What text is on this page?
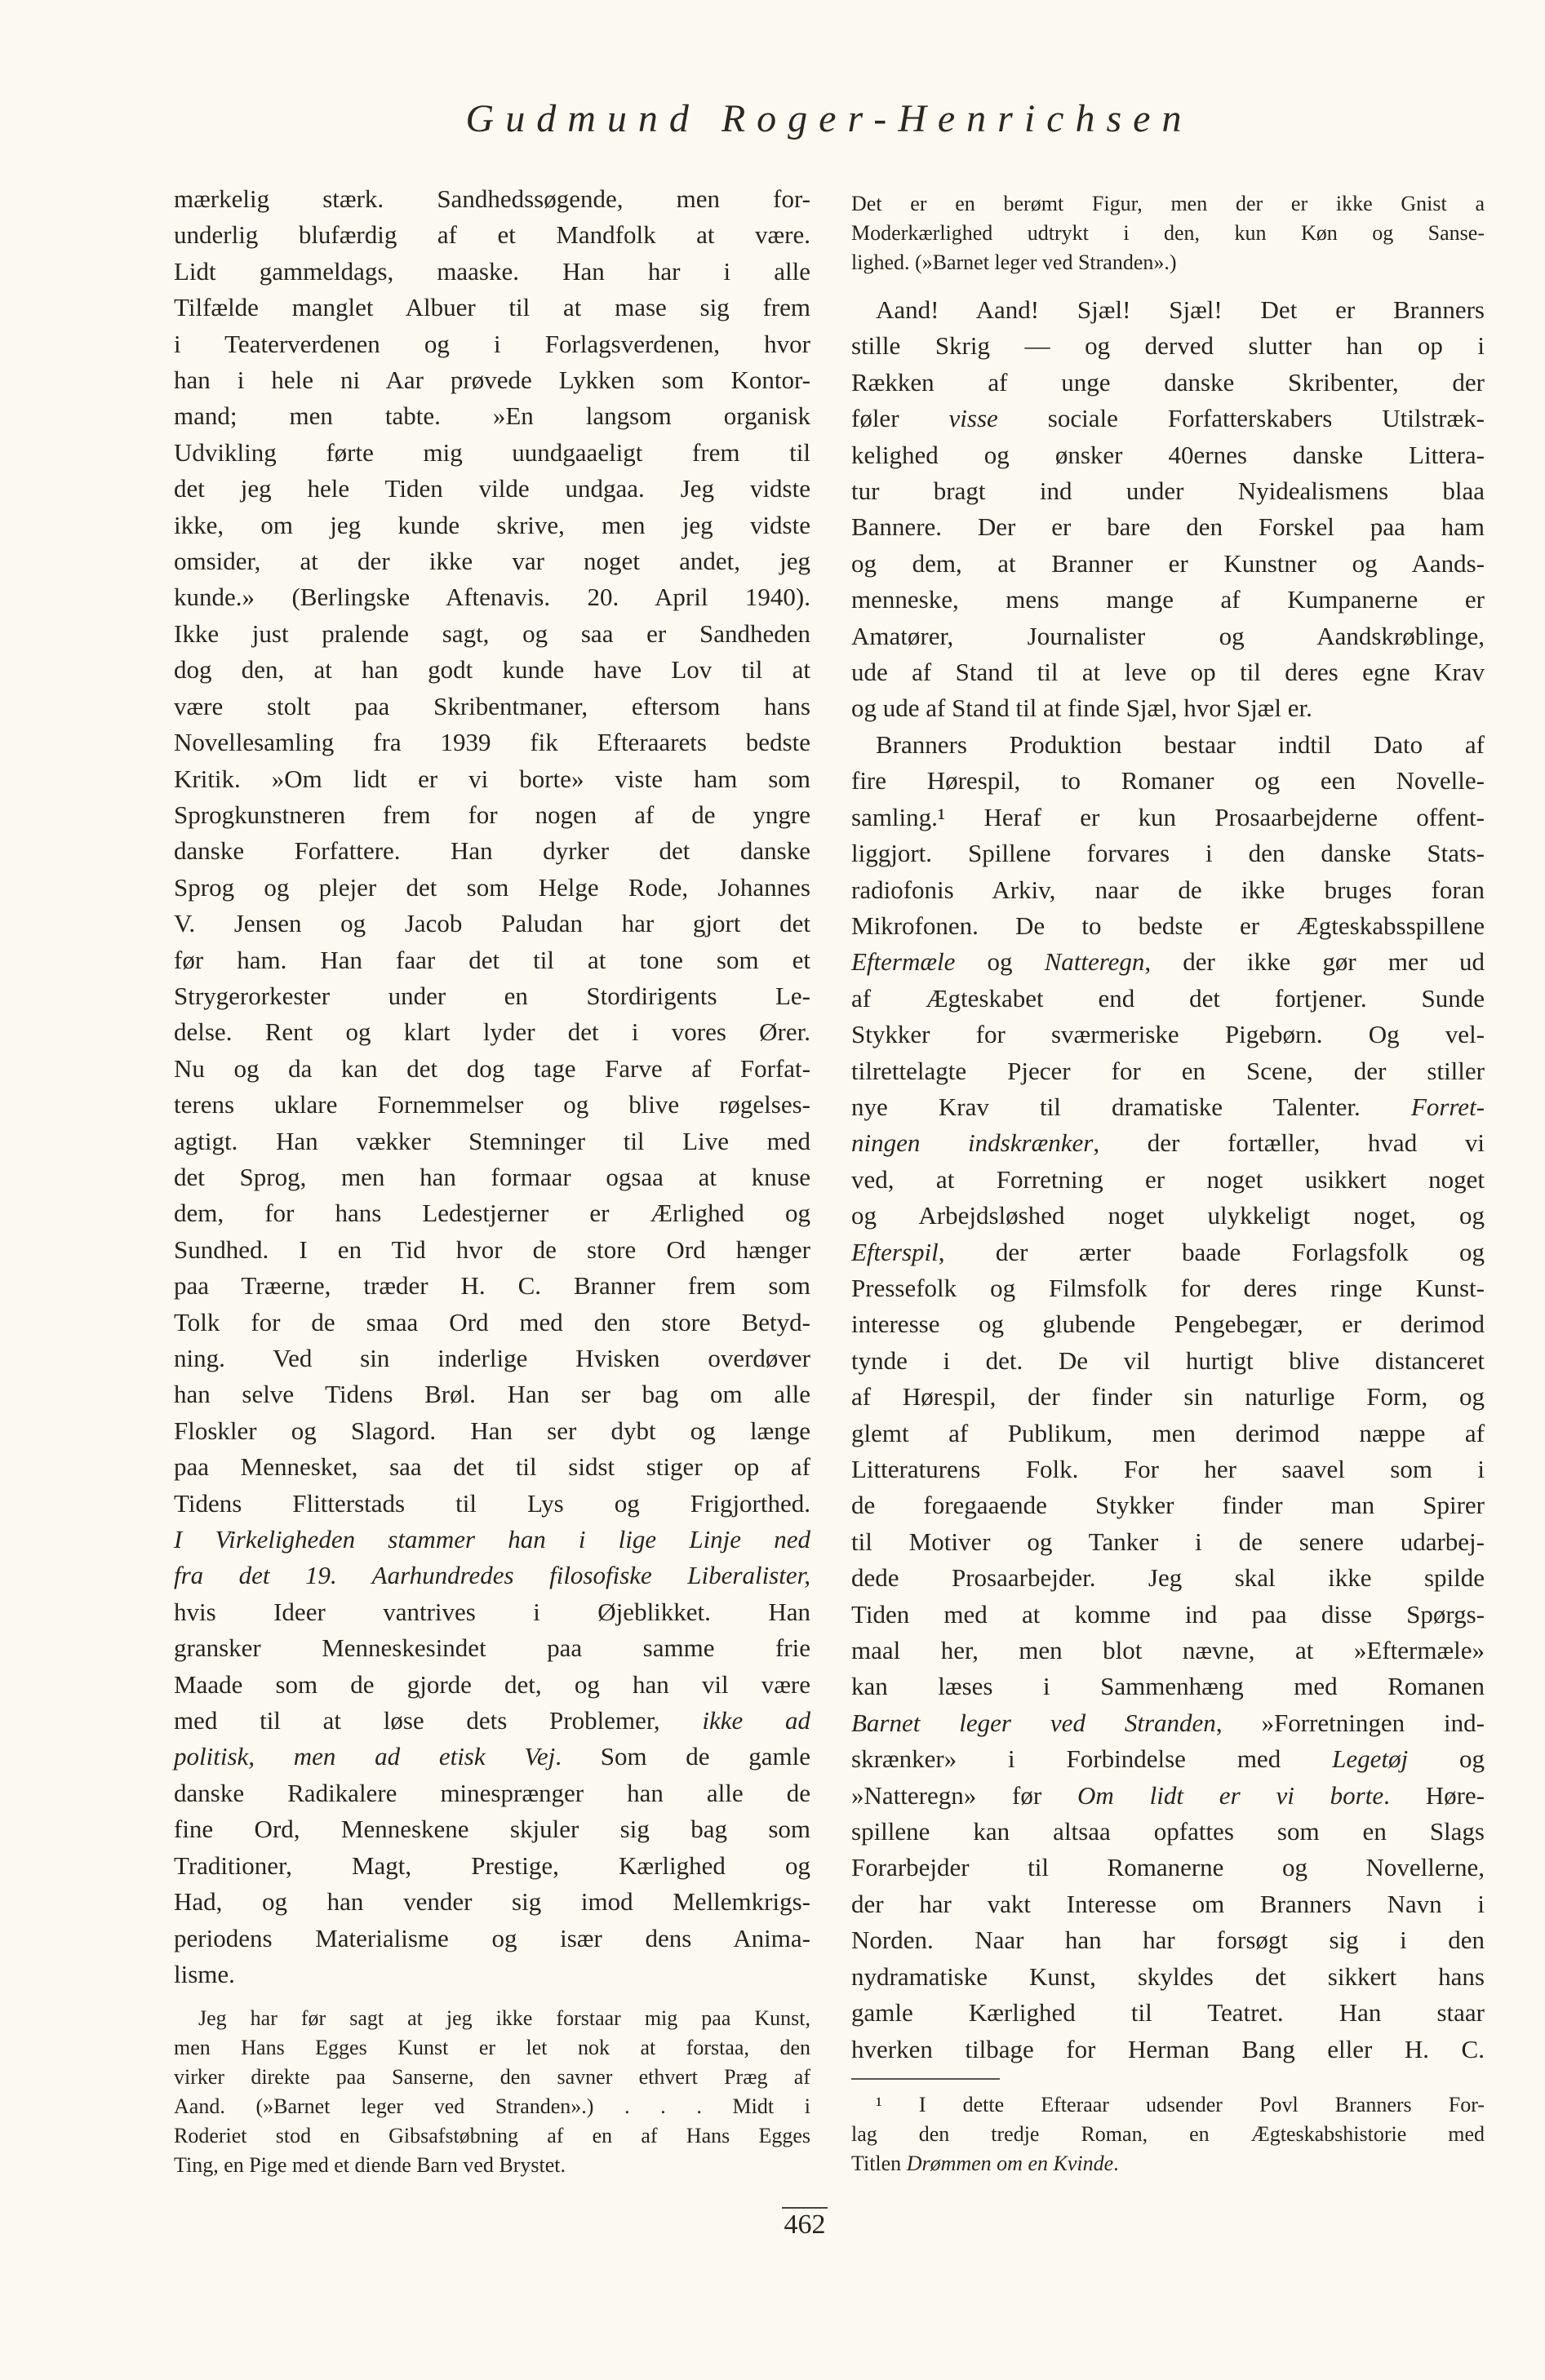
Gudmund Roger-Henrichsen
mærkelig stærk. Sandhedssøgende, men for-
underlig blufærdig af et Mandfolk at være.
Lidt gammeldags, maaske. Han har i alle
Tilfælde manglet Albuer til at mase sig frem
i Teaterverdenen og i Forlagsverdenen, hvor
han i hele ni Aar prøvede Lykken som Kontor-
mand; men tabte. »En langsom organisk
Udvikling førte mig uundgaaeligt frem til
det jeg hele Tiden vilde undgaa. Jeg vidste
ikke, om jeg kunde skrive, men jeg vidste
omsider, at der ikke var noget andet, jeg
kunde.» (Berlingske Aftenavis. 20. April 1940).
Ikke just pralende sagt, og saa er Sandheden
dog den, at han godt kunde have Lov til at
være stolt paa Skribentmaner, eftersom hans
Novellesamling fra 1939 fik Efteraarets bedste
Kritik. »Om lidt er vi borte» viste ham som
Sprogkunstneren frem for nogen af de yngre
danske Forfattere. Han dyrker det danske
Sprog og plejer det som Helge Rode, Johannes
V. Jensen og Jacob Paludan har gjort det
før ham. Han faar det til at tone som et
Strygerorkester under en Stordirigents Le-
delse. Rent og klart lyder det i vores Ører.
Nu og da kan det dog tage Farve af Forfat-
terens uklare Fornemmelser og blive røgelses-
agtigt. Han vækker Stemninger til Live med
det Sprog, men han formaar ogsaa at knuse
dem, for hans Ledestjerner er Ærlighed og
Sundhed. I en Tid hvor de store Ord hænger
paa Træerne, træder H. C. Branner frem som
Tolk for de smaa Ord med den store Betyd-
ning. Ved sin inderlige Hvisken overdøver
han selve Tidens Brøl. Han ser bag om alle
Floskler og Slagord. Han ser dybt og længe
paa Mennesket, saa det til sidst stiger op af
Tidens Flitterstads til Lys og Frigjorthed.
I Virkeligheden stammer han i lige Linje ned
fra det 19. Aarhundredes filosofiske Liberalister,
hvis Ideer vantrives i Øjeblikket. Han
gransker Menneskesindet paa samme frie
Maade som de gjorde det, og han vil være
med til at løse dets Problemer, ikke ad
politisk, men ad etisk Vej. Som de gamle
danske Radikalere minesprænger han alle de
fine Ord, Menneskene skjuler sig bag som
Traditioner, Magt, Prestige, Kærlighed og
Had, og han vender sig imod Mellemkrigs-
periodens Materialisme og især dens Anima-
lisme.
Jeg har før sagt at jeg ikke forstaar mig paa Kunst,
men Hans Egges Kunst er let nok at forstaa, den
virker direkte paa Sanserne, den savner ethvert Præg af
Aand. (»Barnet leger ved Stranden».) . . . Midt i
Roderiet stod en Gibsafstøbning af en af Hans Egges
Ting, en Pige med et diende Barn ved Brystet.
Det er en berømt Figur, men der er ikke Gnist a
Moderkærlighed udtrykt i den, kun Køn og Sanse-
lighed. (»Barnet leger ved Stranden».)
Aand! Aand! Sjæl! Sjæl! Det er Branners
stille Skrig — og derved slutter han op i
Rækken af unge danske Skribenter, der
føler visse sociale Forfatterskabers Utilstræk-
kelighed og ønsker 40ernes danske Littera-
tur bragt ind under Nyidealismens blaa
Bannere. Der er bare den Forskel paa ham
og dem, at Branner er Kunstner og Aands-
menneske, mens mange af Kumpanerne er
Amatører, Journalister og Aandskrøblinge,
ude af Stand til at leve op til deres egne Krav
og ude af Stand til at finde Sjæl, hvor Sjæl er.
Branners Produktion bestaar indtil Dato af
fire Hørespil, to Romaner og een Novelle-
samling.¹ Heraf er kun Prosaarbejderne offent-
liggjort. Spillene forvares i den danske Stats-
radiofonis Arkiv, naar de ikke bruges foran
Mikrofonen. De to bedste er Ægteskabsspillene
Eftermæle og Natteregn, der ikke gør mer ud
af Ægteskabet end det fortjener. Sunde
Stykker for sværmeriske Pigebørn. Og vel-
tilrettelagte Pjecer for en Scene, der stiller
nye Krav til dramatiske Talenter. Forret-
ningen indskrænker, der fortæller, hvad vi
ved, at Forretning er noget usikkert noget
og Arbejdsløshed noget ulykkeligt noget, og
Efterspil, der ærter baade Forlagsfolk og
Pressefolk og Filmsfolk for deres ringe Kunst-
interesse og glubende Pengebegær, er derimod
tynde i det. De vil hurtigt blive distanceret
af Hørespil, der finder sin naturlige Form, og
glemt af Publikum, men derimod næppe af
Litteraturens Folk. For her saavel som i
de foregaaende Stykker finder man Spirer
til Motiver og Tanker i de senere udarbej-
dede Prosaarbejder. Jeg skal ikke spilde
Tiden med at komme ind paa disse Spørgs-
maal her, men blot nævne, at »Eftermæle»
kan læses i Sammenhæng med Romanen
Barnet leger ved Stranden, »Forretningen ind-
skrænker» i Forbindelse med Legetøj og
»Natteregn» før Om lidt er vi borte. Høre-
spillene kan altsaa opfattes som en Slags
Forarbejder til Romanerne og Novellerne,
der har vakt Interesse om Branners Navn i
Norden. Naar han har forsøgt sig i den
nydramatiske Kunst, skyldes det sikkert hans
gamle Kærlighed til Teatret. Han staar
hverken tilbage for Herman Bang eller H. C.
¹ I dette Efteraar udsender Povl Branners For-
lag den tredje Roman, en Ægteskabshistorie med
Titlen Drømmen om en Kvinde.
462
